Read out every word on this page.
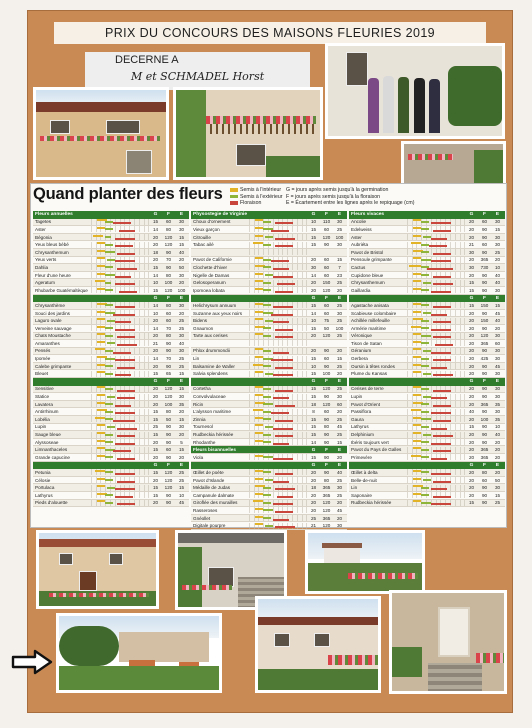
PRIX DU CONCOURS DES MAISONS FLEURIES 2019
DECERNE A
M et SCHMADEL Horst
Quand planter des fleurs	Semis à l'intérieur
Semis à l'extérieur
Floraison
G = jours après semis jusqu'à la germination
F = jours après semis jusqu'à la floraison
E = Écartement entre les lignes après le repiquage (cm)
Fleurs annuelles	G	F	E
Tagetes	15	60	30
Aster	14	80	30
Bégonia	20	120	15
Yeux bleus bébé	20	120	15
Chrysanthemum	18	90	40
Yeux verts	20	70	20
Dahlia	15	90	50
Fleur d'une heure	14	80	30
Ageratum	10	100	20
Rhubarbe Guatémaltèque	15	120	100
G	F	E
Chrysanthème	14	80	30
Souci des jardins	10	60	20
Laguro ovale	20	60	25
Verveine sauvage	14	70	25
Chats Moustache	20	80	30
Amaranthes	21	90	40
Pensés	20	90	30
Ipomée	14	70	25
Calebe grimpante	20	90	25
Bleuet	15	65	15
G	F	E
Sensitive	20	120	15
Statice	20	120	30
Lavatera	20	100	35
Antirrhinum	15	80	20
Lobélia	15	50	15
Lupin	25	90	30
Sauge bleue	15	90	20
Alyssoseae	20	90	5
Limnanthaceles	15	60	15
Grande capucine	20	90	20
G	F	E
Petunia	15	120	25
Célosie	20	120	25
Portulaca	15	120	15
Lathyrus	15	90	10
Pieds d'alouette	20	90	45
Physostegie de Virginie	G	F	E
Choux d'ornement	10	110	30
Vieux garçon	15	60	25
Citrouille	15	120	100
Tabac ailé	15	90	30
Pavot de Californie	20	60	15
Clochette d'hiver	30	60	7
Nigelle de Damas	14	60	23
Gelosoperanum	20	150	25
Ipomoea lobata	20	120	20
G	F	E
Helichrysum annuum	15	60	25
Suzanne aux yeux noirs	14	60	30
Bidens	10	75	25
Gnaumon	15	50	100
Tarte aux cerises	20	120	25
Phlox drummondii	20	90	20
Lin	15	60	15
Balsamine de Waller	10	90	25
Salvia splendens	15	100	20
G	F	E
Cortetha	15	120	25
Convolvulaceae	15	90	30
Ricin	18	120	60
L'alysson maritime	8	60	20
Zinnia	15	90	25
Tournesol	15	80	45
Rudbeckia hérissée	15	90	25
Rhodanthe	14	90	15
Fleurs bisannuelles	G	F	E
Viola	15	90	20
G	F	E
Œillet de poète	20	90	40
Pavot d'Islande	20	80	25
Médaille de Judas	18	365	30
Campanule dalmate	20	365	25
Giroflée des murailles	20	120	20
Rasseroses	20	120	45
Gnéollet	25	365	20
Digitale pourpre	21	120	30
Fleurs vivaces	G	F	E
Ancolie	20	60	30
Edelweiss	20	90	15
Aster	20	90	30
Aubriéta	21	60	30
Pavot de Bristol	30	90	25
Pensoule grimpante	20	365	20
Cactus	30	730	10
Cupidone bleue	20	90	40
Chrysanthemum	15	90	40
Gaillardia	15	90	30
G	F	E
Agastache anisata	15	150	15
Scabieuse colombaire	20	90	45
Achillée millefeuille	20	150	40
Armérie maritime	20	90	20
Véronique	20	120	30
Tison de Satan	20	365	60
Géranium	20	90	30
Gerbera	20	425	30
Oursin à têtes rondes	20	90	45
Plume du Kansas	20	90	30
G	F	E
Cerises de terre	20	90	30
Lupin	20	90	30
Pavot d'Orient	20	365	35
Passiflora	40	90	30
Gaura	20	100	35
Lathyrus	15	90	10
Delphinium	20	90	40
Ibéris toujours vert	20	90	20
Pavot du Pays de Galles	20	365	20
Primevère	20	365	20
G	F	E
Œillet à delta	20	80	20
Belle-de-nuit	20	60	50
Lin	20	90	30
Saponaire	20	90	15
Rudbeckia hérissée	15	90	25
